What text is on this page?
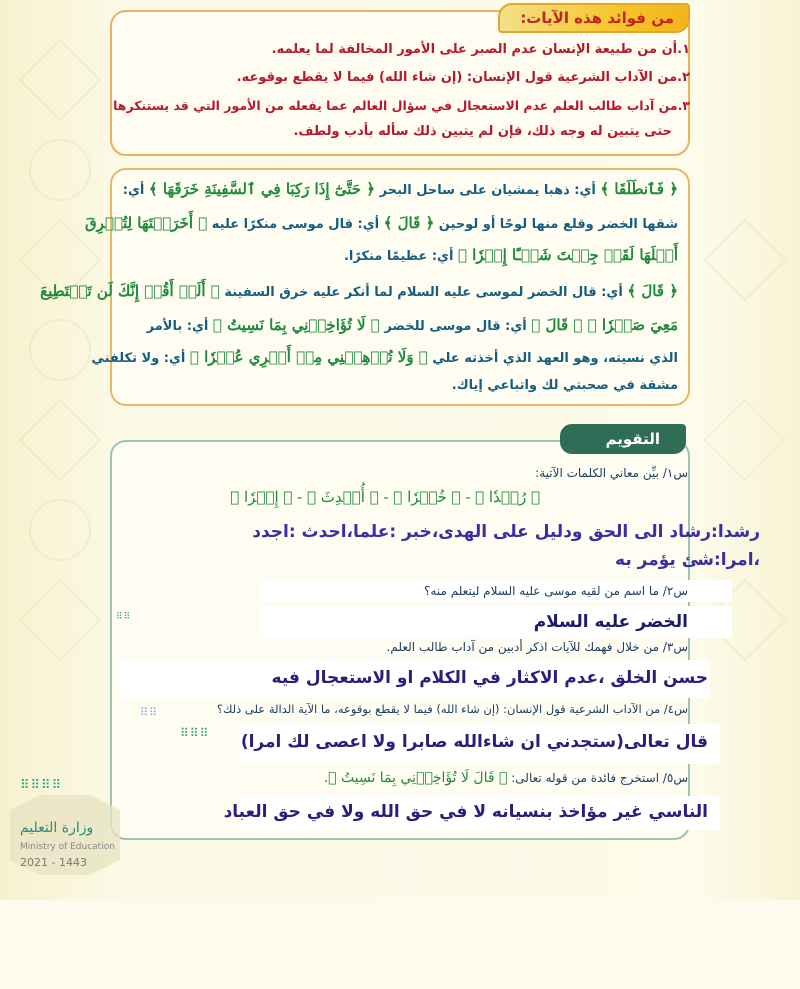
من فوائد هذه الآيات:
١.أن من طبيعة الإنسان عدم الصبر على الأمور المخالفة لما يعلمه.
٢.من الآداب الشرعية قول الإنسان: (إن شاء الله) فيما لا يقطع بوقوعه.
٣.من آداب طالب العلم عدم الاستعجال في سؤال العالم عما يفعله من الأمور التي قد يستنكرها
حتى يتبين له وجه ذلك، فإن لم يتبين ذلك سأله بأدب ولطف.
﴿ فَٱنطَلَقَا ﴾ أي: ذهبا يمشيان على ساحل البحر ﴿ حَتَّىٰٓ إِذَا رَكِبَا فِي ٱلسَّفِينَةِ خَرَقَهَا ﴾ أي:
شقها الخضر وقلع منها لوحًا أو لوحين ﴿ قَالَ ﴾ أي: قال موسى منكرًا عليه ﴿ أَخَرَقۡتَهَا لِتُغۡرِقَ
أَهۡلَهَا لَقَدۡ جِئۡتَ شَيۡـًٔا إِمۡرٗا ﴾ أي: عظيمًا منكرًا.
﴿ قَالَ ﴾ أي: قال الخضر لموسى عليه السلام لما أنكر عليه خرق السفينة ﴿ أَلَمۡ أَقُلۡ إِنَّكَ لَن تَسۡتَطِيعَ
مَعِيَ صَبۡرٗا ﴾ ﴿ قَالَ ﴾ أي: قال موسى للخضر ﴿ لَا تُؤَاخِذۡنِي بِمَا نَسِيتُ ﴾ أي: بالأمر
الذي نسيته، وهو العهد الذي أخذته علي ﴿ وَلَا تُرۡهِقۡنِي مِنۡ أَمۡرِي عُسۡرٗا ﴾ أي: ولا تكلفني
مشقة في صحبتي لك واتباعي إياك.
التقويم
س١/ بيِّن معاني الكلمات الآتية:
﴿ رُشۡدٗا ﴾ - ﴿ خُبۡرٗا ﴾ - ﴿ أُحۡدِثَ ﴾ - ﴿ إِمۡرٗا ﴾
رشدا:رشاد الى الحق ودليل على الهدى،خبر :علما،احدث :اجدد
،امرا:شئ يؤمر به
س٢/ ما اسم من لقيه موسى عليه السلام ليتعلم منه؟
الخضر عليه السلام
س٣/ من خلال فهمك للآيات اذكر أدبين من آداب طالب العلم.
حسن الخلق ،عدم الاكثار في الكلام او الاستعجال فيه
س٤/ من الآداب الشرعية قول الإنسان: (إن شاء الله) فيما لا يقطع بوقوعه، ما الآية الدالة على ذلك؟
قال تعالى(ستجدني ان شاءالله صابرا ولا اعصى لك امرا)
س٥/ استخرج فائدة من قوله تعالى: ﴿ قَالَ لَا تُؤَاخِذۡنِي بِمَا نَسِيتُ ﴾.
الناسي غير مؤاخذ بنسيانه لا في حق الله ولا في حق العباد
⠿⠿
⠿⠿⠿
⠿⠿
⠿⠿⠿⠿
وزارة التعليم
Ministry of Education
2021 - 1443
